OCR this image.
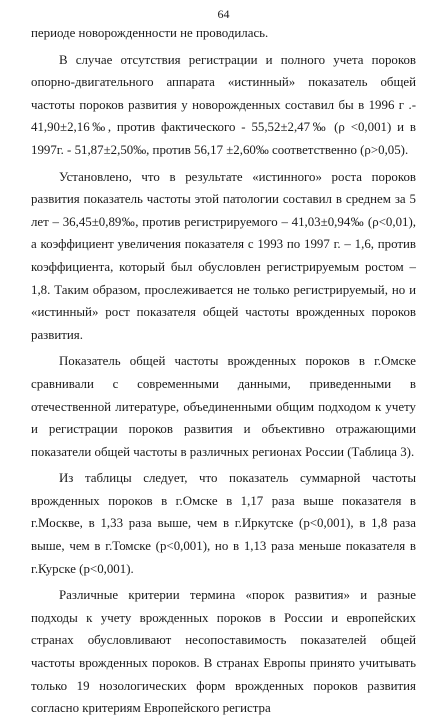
64

периоде новорожденности не проводилась.

В случае отсутствия регистрации и полного учета пороков опорно-двигательного аппарата «истинный» показатель общей частоты пороков развития у новорожденных составил бы в 1996 г .- 41,90±2,16‰, против фактического - 55,52±2,47‰ (ρ <0,001) и в 1997г. - 51,87±2,50‰, против 56,17 ±2,60‰ соответственно (ρ>0,05).

Установлено, что в результате «истинного» роста пороков развития показатель частоты этой патологии составил в среднем за 5 лет – 36,45±0,89‰, против регистрируемого – 41,03±0,94‰ (ρ<0,01), а коэффициент увеличения показателя с 1993 по 1997 г. – 1,6, против коэффициента, который был обусловлен регистрируемым ростом – 1,8. Таким образом, прослеживается не только регистрируемый, но и «истинный» рост показателя общей частоты врожденных пороков развития.

Показатель общей частоты врожденных пороков в г.Омске сравнивали с современными данными, приведенными в отечественной литературе, объединенными общим подходом к учету и регистрации пороков развития и объективно отражающими показатели общей частоты в различных регионах России (Таблица 3).

Из таблицы следует, что показатель суммарной частоты врожденных пороков в г.Омске в 1,17 раза выше показателя в г.Москве, в 1,33 раза выше, чем в г.Иркутске (р<0,001), в 1,8 раза выше, чем в г.Томске (р<0,001), но в 1,13 раза меньше показателя в г.Курске (р<0,001).

Различные критерии термина «порок развития» и разные подходы к учету врожденных пороков в России и европейских странах обусловливают несопоставимость показателей общей частоты врожденных пороков. В странах Европы принято учитывать только 19 нозологических форм врожденных пороков развития согласно критериям Европейского регистра
